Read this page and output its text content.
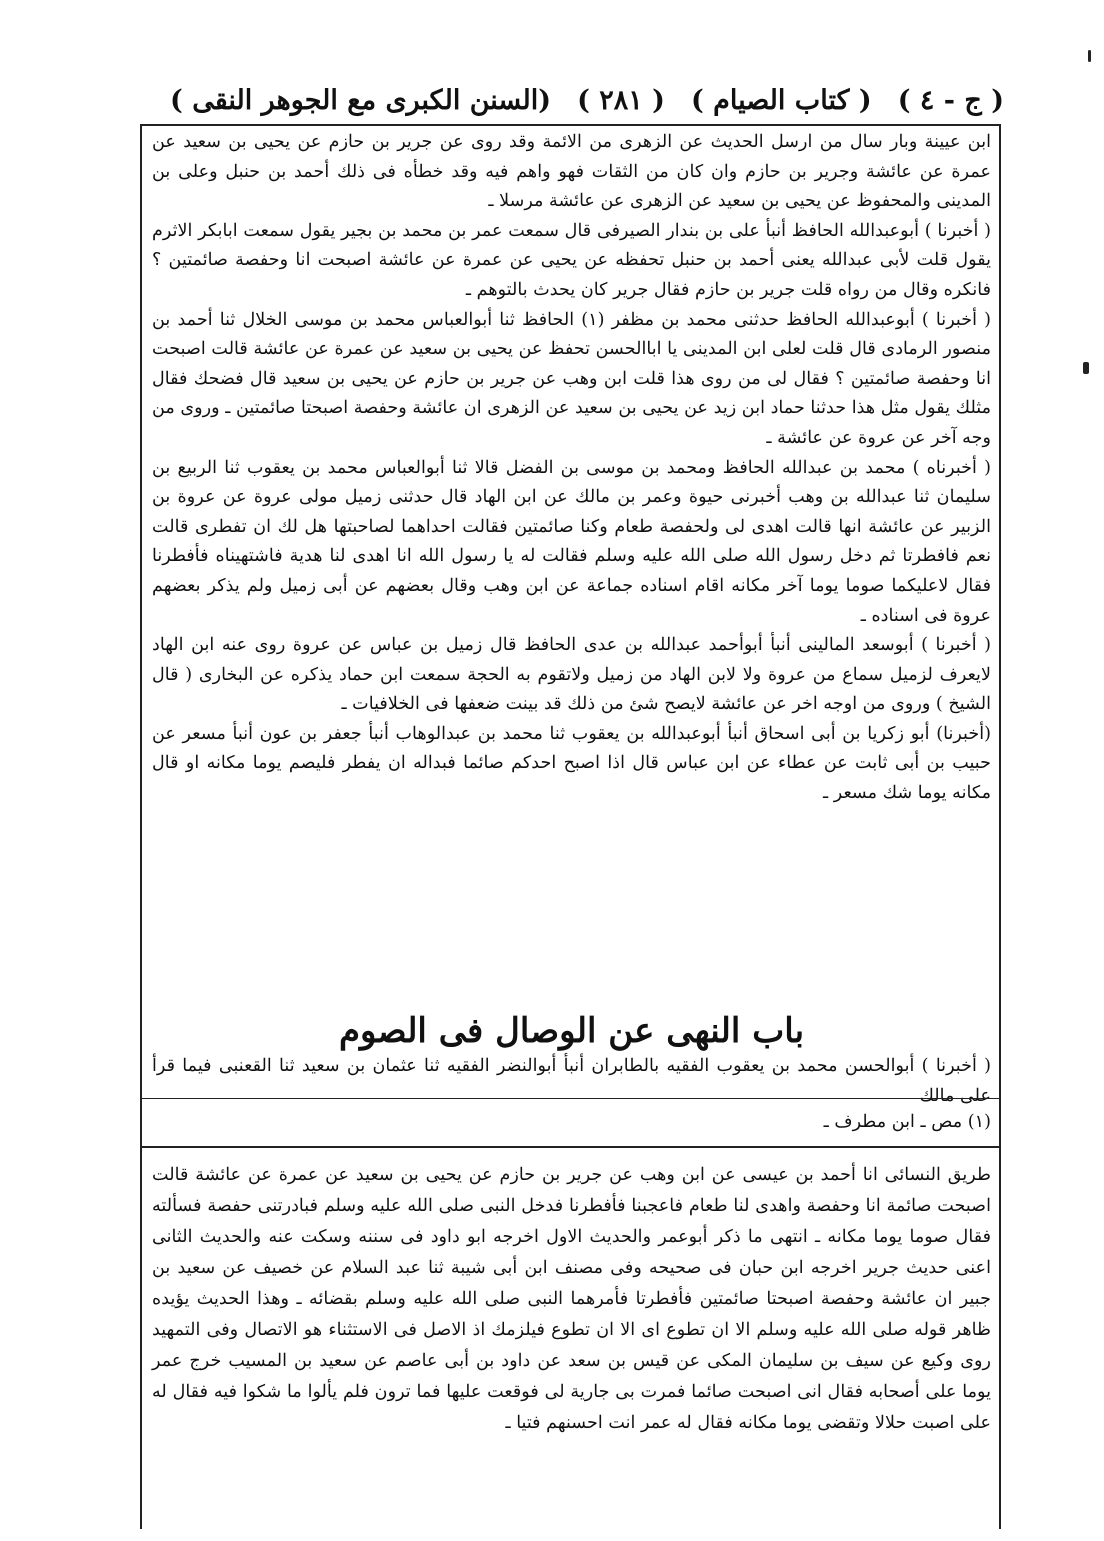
(السنن الكبرى مع الجوهر النقى ) ( ٢٨١ ) ( كتاب الصيام ) ( ج - ٤ )

ابن عيينة وبار سال من ارسل الحديث عن الزهرى من الائمة وقد روى عن جرير بن حازم عن يحيى بن سعيد عن عمرة عن عائشة وجرير بن حازم وان كان من الثقات فهو واهم فيه وقد خطأه فى ذلك أحمد بن حنبل وعلى بن المدينى والمحفوظ عن يحيى بن سعيد عن الزهرى عن عائشة مرسلا ـ

( أخبرنا ) أبوعبدالله الحافظ أنبأ على بن بندار الصيرفى قال سمعت عمر بن محمد بن بجير يقول سمعت ابابكر الاثرم يقول قلت لأبى عبدالله يعنى أحمد بن حنبل تحفظه عن يحيى عن عمرة عن عائشة اصبحت انا وحفصة صائمتين ؟ فانكره وقال من رواه قلت جرير بن حازم فقال جرير كان يحدث بالتوهم ـ

( أخبرنا ) أبوعبدالله الحافظ حدثنى محمد بن مظفر (١) الحافظ ثنا أبوالعباس محمد بن موسى الخلال ثنا أحمد بن منصور الرمادى قال قلت لعلى ابن المدينى يا اباالحسن تحفظ عن يحيى بن سعيد عن عمرة عن عائشة قالت اصبحت انا وحفصة صائمتين ؟ فقال لى من روى هذا قلت ابن وهب عن جرير بن حازم عن يحيى بن سعيد قال فضحك فقال مثلك يقول مثل هذا حدثنا حماد ابن زيد عن يحيى بن سعيد عن الزهرى ان عائشة وحفصة اصبحتا صائمتين ـ وروى من وجه آخر عن عروة عن عائشة ـ

( أخبرناه ) محمد بن عبدالله الحافظ ومحمد بن موسى بن الفضل قالا ثنا أبوالعباس محمد بن يعقوب ثنا الربيع بن سليمان ثنا عبدالله بن وهب أخبرنى حيوة وعمر بن مالك عن ابن الهاد قال حدثنى زميل مولى عروة عن عروة بن الزبير عن عائشة انها قالت اهدى لى ولحفصة طعام وكنا صائمتين فقالت احداهما لصاحبتها هل لك ان تفطرى قالت نعم فافطرتا ثم دخل رسول الله صلى الله عليه وسلم فقالت له يا رسول الله انا اهدى لنا هدية فاشتهيناه فأفطرنا فقال لاعليكما صوما يوما آخر مكانه اقام اسناده جماعة عن ابن وهب وقال بعضهم عن أبى زميل ولم يذكر بعضهم عروة فى اسناده ـ

( أخبرنا ) أبوسعد المالينى أنبأ أبوأحمد عبدالله بن عدى الحافظ قال زميل بن عباس عن عروة روى عنه ابن الهاد لايعرف لزميل سماع من عروة ولا لابن الهاد من زميل ولاتقوم به الحجة سمعت ابن حماد يذكره عن البخارى ( قال الشيخ ) وروى من اوجه اخر عن عائشة لايصح شئ من ذلك قد بينت ضعفها فى الخلافيات ـ

(أخبرنا) أبو زكريا بن أبى اسحاق أنبأ أبوعبدالله بن يعقوب ثنا محمد بن عبدالوهاب أنبأ جعفر بن عون أنبأ مسعر عن حبيب بن أبى ثابت عن عطاء عن ابن عباس قال اذا اصبح احدكم صائما فبداله ان يفطر فليصم يوما مكانه او قال مكانه يوما شك مسعر ـ

باب النهى عن الوصال فى الصوم
( أخبرنا ) أبوالحسن محمد بن يعقوب الفقيه بالطابران أنبأ أبوالنضر الفقيه ثنا عثمان بن سعيد ثنا القعنبى فيما قرأ على مالك
(١) مص ـ ابن مطرف ـ

طريق النسائى انا أحمد بن عيسى عن ابن وهب عن جرير بن حازم عن يحيى بن سعيد عن عمرة عن عائشة قالت اصبحت صائمة انا وحفصة واهدى لنا طعام فاعجبنا فأفطرنا فدخل النبى صلى الله عليه وسلم فبادرتنى حفصة فسألته فقال صوما يوما مكانه ـ انتهى ما ذكر أبوعمر والحديث الاول اخرجه ابو داود فى سننه وسكت عنه والحديث الثانى اعنى حديث جرير اخرجه ابن حبان فى صحيحه وفى مصنف ابن أبى شيبة ثنا عبد السلام عن خصيف عن سعيد بن جبير ان عائشة وحفصة اصبحتا صائمتين فأفطرتا فأمرهما النبى صلى الله عليه وسلم بقضائه ـ وهذا الحديث يؤيده ظاهر قوله صلى الله عليه وسلم الا ان تطوع اى الا ان تطوع فيلزمك اذ الاصل فى الاستثناء هو الاتصال وفى التمهيد روى وكيع عن سيف بن سليمان المكى عن قيس بن سعد عن داود بن أبى عاصم عن سعيد بن المسيب خرج عمر يوما على أصحابه فقال انى اصبحت صائما فمرت بى جارية لى فوقعت عليها فما ترون فلم يألوا ما شكوا فيه فقال له على اصبت حلالا وتقضى يوما مكانه فقال له عمر انت احسنهم فتيا ـ
